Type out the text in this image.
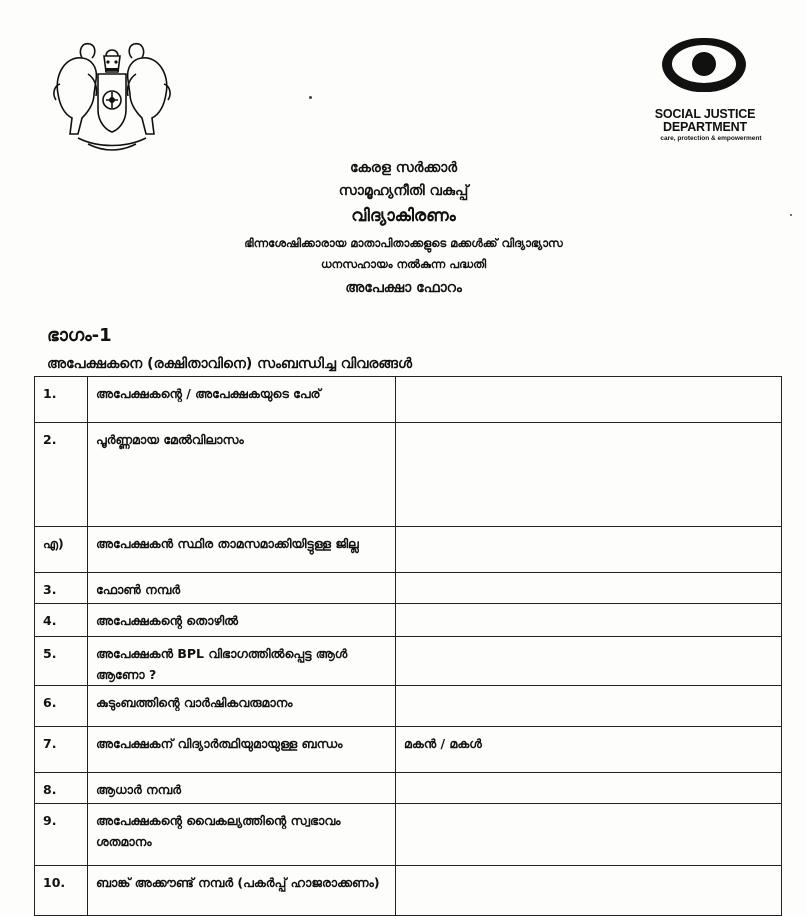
SOCIAL JUSTICE
DEPARTMENT
care, protection & empowerment
കേരള സർക്കാർ
സാമൂഹ്യനീതി വകുപ്പ്
വിദ്യാകിരണം
ഭിന്നശേഷിക്കാരായ മാതാപിതാക്കളുടെ മക്കൾക്ക് വിദ്യാഭ്യാസ
ധനസഹായം നൽകുന്ന പദ്ധതി
അപേക്ഷാ ഫോറം
ഭാഗം-1
അപേക്ഷകനെ (രക്ഷിതാവിനെ) സംബന്ധിച്ച വിവരങ്ങൾ
1.	അപേക്ഷകന്റെ / അപേക്ഷകയുടെ പേര്	
2.	പൂർണ്ണമായ മേൽവിലാസം	
എ)	അപേക്ഷകൻ സ്ഥിര താമസമാക്കിയിട്ടുള്ള ജില്ല	
3.	ഫോൺ നമ്പർ	
4.	അപേക്ഷകന്റെ തൊഴിൽ	
5.	അപേക്ഷകൻ BPL വിഭാഗത്തിൽപ്പെട്ട ആൾ ആണോ ?	
6.	കുടുംബത്തിന്റെ വാർഷികവരുമാനം	
7.	അപേക്ഷകന് വിദ്യാർത്ഥിയുമായുള്ള ബന്ധം	മകൻ / മകൾ
8.	ആധാർ നമ്പർ	
9.	അപേക്ഷകന്റെ വൈകല്യത്തിന്റെ സ്വഭാവം ശതമാനം	
10.	ബാങ്ക് അക്കൗണ്ട് നമ്പർ (പകർപ്പ് ഹാജരാക്കണം)	
